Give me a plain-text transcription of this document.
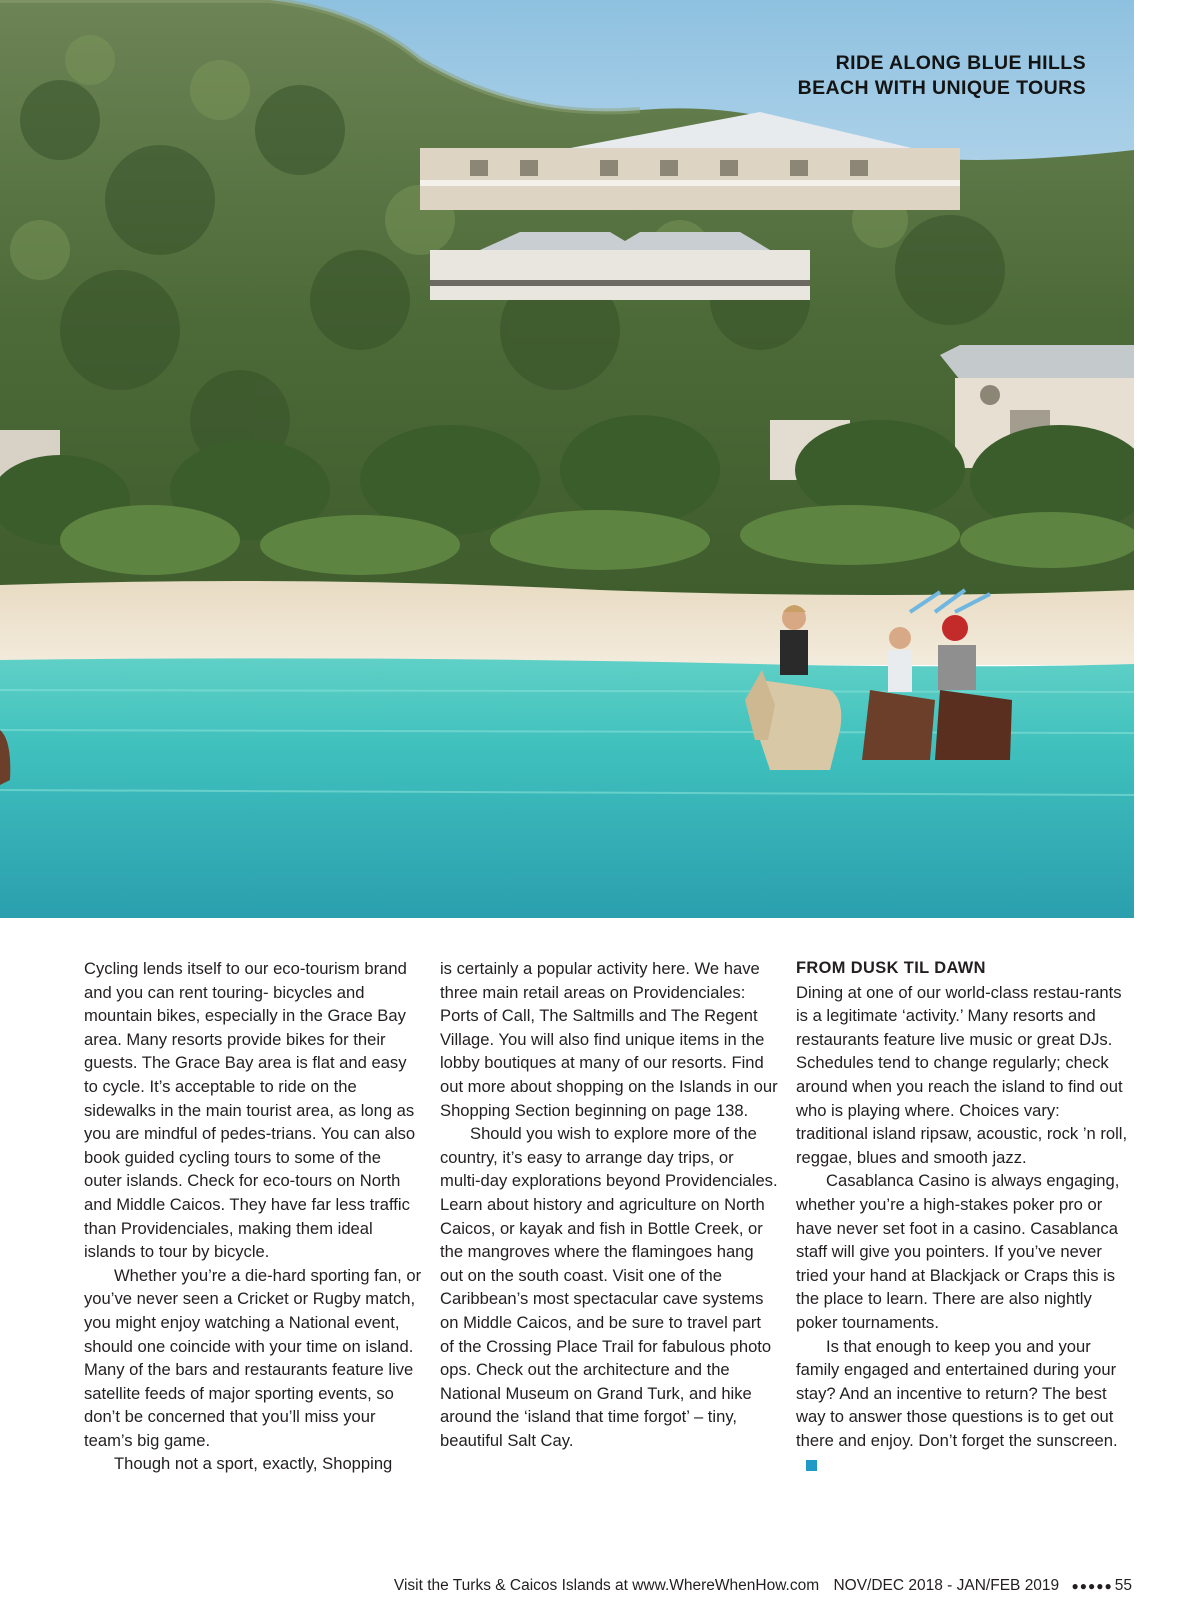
RIDE ALONG BLUE HILLS
BEACH WITH UNIQUE TOURS

Cycling lends itself to our eco-tourism brand and you can rent touring- bicycles and mountain bikes, especially in the Grace Bay area. Many resorts provide bikes for their guests. The Grace Bay area is flat and easy to cycle. It’s acceptable to ride on the sidewalks in the main tourist area, as long as you are mindful of pedes-trians. You can also book guided cycling tours to some of the outer islands. Check for eco-tours on North and Middle Caicos. They have far less traffic than Providenciales, making them ideal islands to tour by bicycle.

Whether you’re a die-hard sporting fan, or you’ve never seen a Cricket or Rugby match, you might enjoy watching a National event, should one coincide with your time on island. Many of the bars and restaurants feature live satellite feeds of major sporting events, so don’t be concerned that you’ll miss your team’s big game.

Though not a sport, exactly, Shopping

is certainly a popular activity here. We have three main retail areas on Providenciales: Ports of Call, The Saltmills and The Regent Village. You will also find unique items in the lobby boutiques at many of our resorts. Find out more about shopping on the Islands in our Shopping Section beginning on page 138.

Should you wish to explore more of the country, it’s easy to arrange day trips, or multi-day explorations beyond Providenciales. Learn about history and agriculture on North Caicos, or kayak and fish in Bottle Creek, or the mangroves where the flamingoes hang out on the south coast. Visit one of the Caribbean’s most spectacular cave systems on Middle Caicos, and be sure to travel part of the Crossing Place Trail for fabulous photo ops. Check out the architecture and the National Museum on Grand Turk, and hike around the ‘island that time forgot’ – tiny, beautiful Salt Cay.

FROM DUSK TIL DAWN

Dining at one of our world-class restau-rants is a legitimate ‘activity.’ Many resorts and restaurants feature live music or great DJs. Schedules tend to change regularly; check around when you reach the island to find out who is playing where. Choices vary: traditional island ripsaw, acoustic, rock ’n roll, reggae, blues and smooth jazz.

Casablanca Casino is always engaging, whether you’re a high-stakes poker pro or have never set foot in a casino. Casablanca staff will give you pointers. If you’ve never tried your hand at Blackjack or Craps this is the place to learn. There are also nightly poker tournaments.

Is that enough to keep you and your family engaged and entertained during your stay? And an incentive to return? The best way to answer those questions is to get out there and enjoy. Don’t forget the sunscreen.

Visit the Turks & Caicos Islands at www.WhereWhenHow.com NOV/DEC 2018 - JAN/FEB 2019 ●●●●● 55
